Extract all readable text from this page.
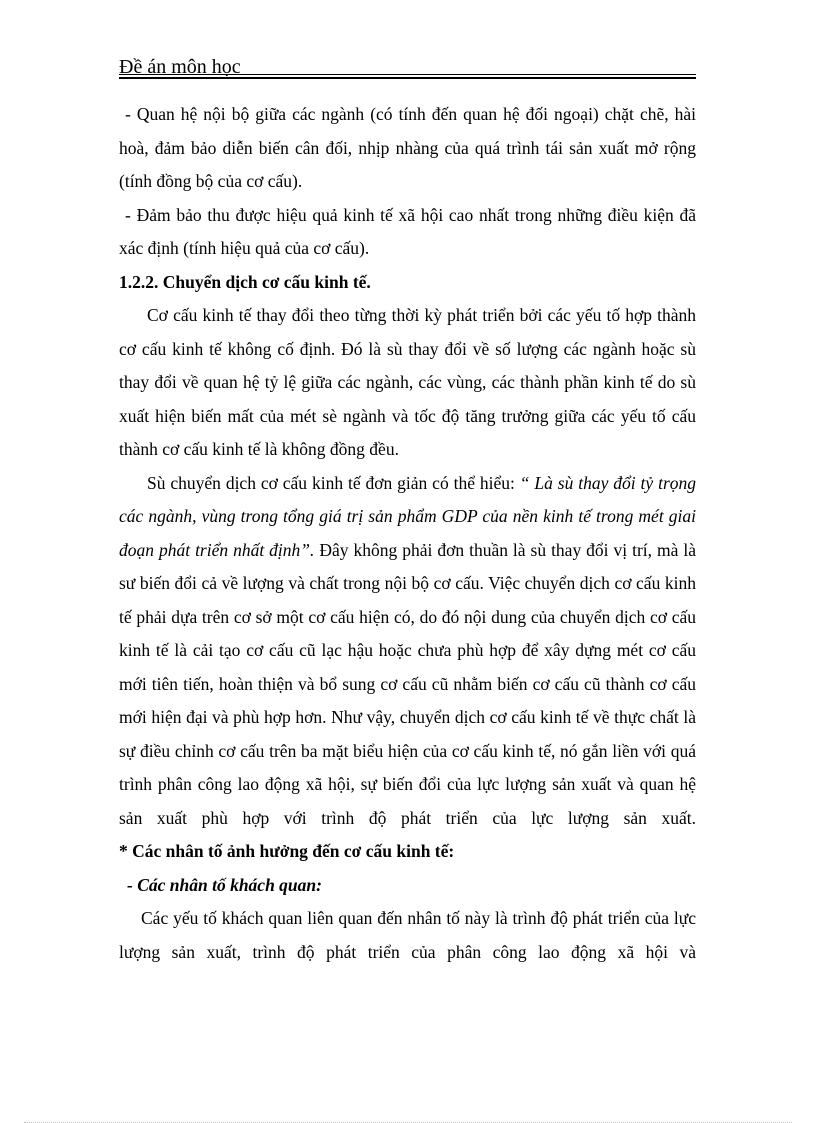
Đề án môn học

- Quan hệ nội bộ giữa các ngành (có tính đến quan hệ đối ngoại) chặt chẽ, hài hoà, đảm bảo diễn biến cân đối, nhịp nhàng của quá trình tái sản xuất mở rộng (tính đồng bộ của cơ cấu).

- Đảm bảo thu được hiệu quả kinh tế xã hội cao nhất trong những điều kiện đã xác định (tính hiệu quả của cơ cấu).

1.2.2. Chuyển dịch cơ cấu kinh tế.

Cơ cấu kinh tế thay đổi theo từng thời kỳ phát triển bởi các yếu tố hợp thành cơ cấu kinh tế không cố định. Đó là sù thay đổi về số lượng các ngành hoặc sù thay đổi về quan hệ tỷ lệ giữa các ngành, các vùng, các thành phần kinh tế do sù xuất hiện biến mất của mét sè ngành và tốc độ tăng trưởng giữa các yếu tố cấu thành cơ cấu kinh tế là không đồng đều.

Sù chuyển dịch cơ cấu kinh tế đơn giản có thể hiểu: “ Là sù thay đổi tỷ trọng các ngành, vùng trong tổng giá trị sản phẩm GDP của nền kinh tế trong mét giai đoạn phát triển nhất định”. Đây không phải đơn thuần là sù thay đổi vị trí, mà là sư biến đổi cả về lượng và chất trong nội bộ cơ cấu. Việc chuyển dịch cơ cấu kinh tế phải dựa trên cơ sở một cơ cấu hiện có, do đó nội dung của chuyển dịch cơ cấu kinh tế là cải tạo cơ cấu cũ lạc hậu hoặc chưa phù hợp để xây dựng mét cơ cấu mới tiên tiến, hoàn thiện và bổ sung cơ cấu cũ nhằm biến cơ cấu cũ thành cơ cấu mới hiện đại và phù hợp hơn. Như vậy, chuyển dịch cơ cấu kinh tế về thực chất là sự điều chỉnh cơ cấu trên ba mặt biểu hiện của cơ cấu kinh tế, nó gắn liền với quá trình phân công lao động xã hội, sự biến đổi của lực lượng sản xuất và quan hệ sản xuất phù hợp với trình độ phát triển của lực lượng sản xuất.

* Các nhân tố ảnh hưởng đến cơ cấu kinh tế:

- Các nhân tố khách quan:

Các yếu tố khách quan liên quan đến nhân tố này là trình độ phát triển của lực lượng sản xuất, trình độ phát triển của phân công lao động xã hội và
